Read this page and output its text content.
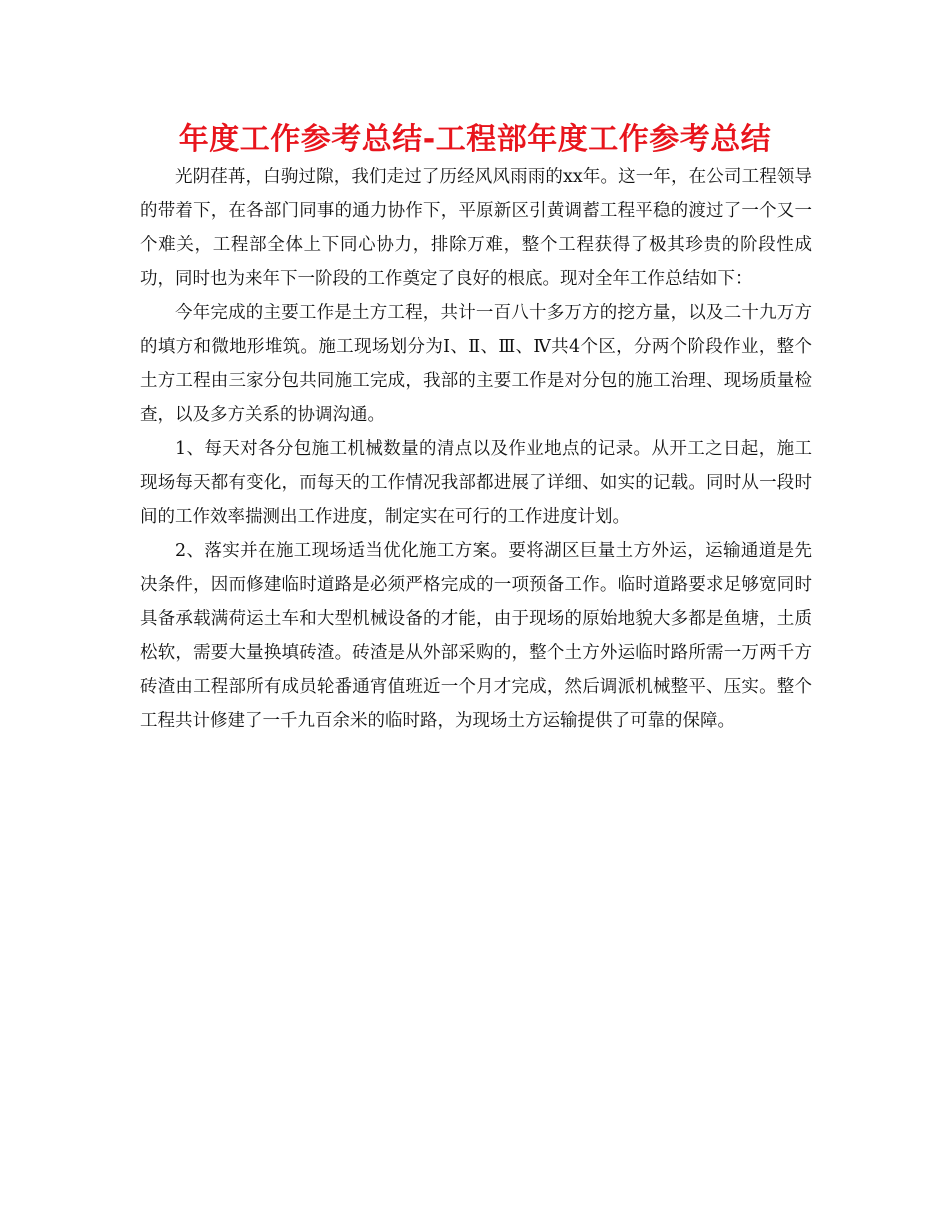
年度工作参考总结-工程部年度工作参考总结

光阴荏苒，白驹过隙，我们走过了历经风风雨雨的xx年。这一年，在公司工程领导的带着下，在各部门同事的通力协作下，平原新区引黄调蓄工程平稳的渡过了一个又一个难关，工程部全体上下同心协力，排除万难，整个工程获得了极其珍贵的阶段性成功，同时也为来年下一阶段的工作奠定了良好的根底。现对全年工作总结如下：

今年完成的主要工作是土方工程，共计一百八十多万方的挖方量，以及二十九万方的填方和微地形堆筑。施工现场划分为Ⅰ、Ⅱ、Ⅲ、Ⅳ共4个区，分两个阶段作业，整个土方工程由三家分包共同施工完成，我部的主要工作是对分包的施工治理、现场质量检查，以及多方关系的协调沟通。

1、每天对各分包施工机械数量的清点以及作业地点的记录。从开工之日起，施工现场每天都有变化，而每天的工作情况我部都进展了详细、如实的记载。同时从一段时间的工作效率揣测出工作进度，制定实在可行的工作进度计划。

2、落实并在施工现场适当优化施工方案。要将湖区巨量土方外运，运输通道是先决条件，因而修建临时道路是必须严格完成的一项预备工作。临时道路要求足够宽同时具备承载满荷运土车和大型机械设备的才能，由于现场的原始地貌大多都是鱼塘，土质松软，需要大量换填砖渣。砖渣是从外部采购的，整个土方外运临时路所需一万两千方砖渣由工程部所有成员轮番通宵值班近一个月才完成，然后调派机械整平、压实。整个工程共计修建了一千九百余米的临时路，为现场土方运输提供了可靠的保障。
